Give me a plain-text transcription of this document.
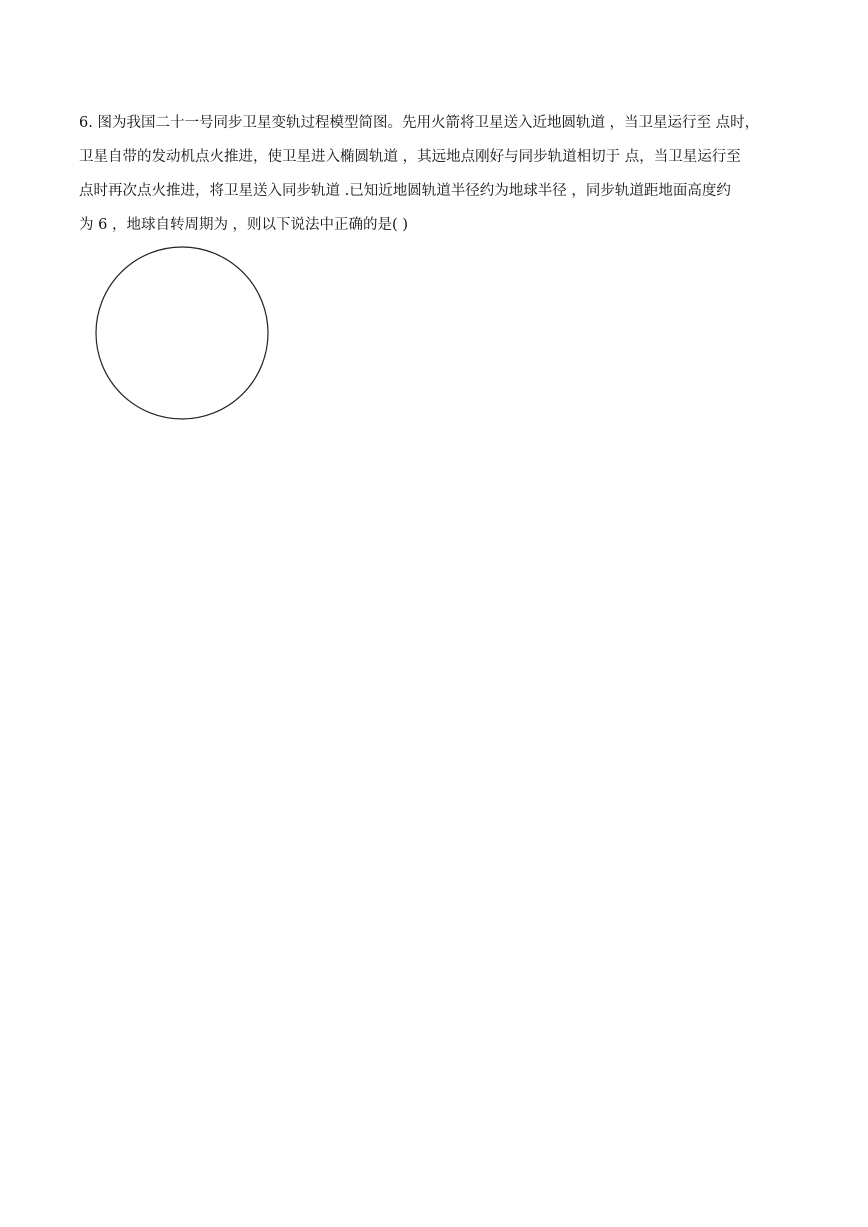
6. 图为我国二十一号同步卫星变轨过程模型简图。先用火箭将卫星送入近地圆轨道 ，当卫星运行至 点时，
卫星自带的发动机点火推进，使卫星进入椭圆轨道 ，其远地点刚好与同步轨道相切于 点，当卫星运行至
点时再次点火推进，将卫星送入同步轨道 .已知近地圆轨道半径约为地球半径 ，同步轨道距地面高度约
为 6 ，地球自转周期为 ，则以下说法中正确的是( )
